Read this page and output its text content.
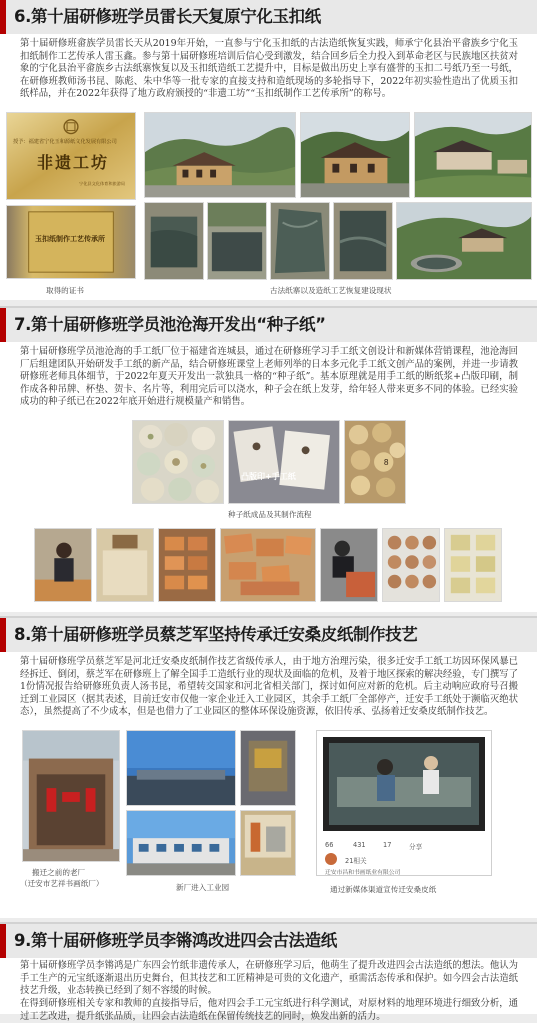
6.第十届研修班学员雷长天复原宁化玉扣纸

第十届研修班畲族学员雷长天从2019年开始，一直参与宁化玉扣纸的古法造纸恢复实践，师承宁化县治平畲族乡宁化玉扣纸制作工艺传承人雷玉鑫。参与第十届研修班培训后信心受到激发，结合回乡后全力投入到革命老区与民族地区扶贫对象的宁化县治平畲族乡古法纸寨恢复以及玉扣纸造纸工艺提升中，目标是做出历史上享有盛誉的玉扣二号纸乃至一号纸，在研修班教师汤书昆、陈彪、朱中华等一批专家的直接支持和造纸现场的多轮指导下，2022年初实验性造出了优质玉扣纸样品，并在2022年获得了地方政府颁授的“非遗工坊”“玉扣纸制作工艺传承所”的称号。

授予：福建省宁化玉和源纸文化发展有限公司
非遗工坊
宁化县文化体育和旅游局
玉扣纸制作工艺传承所
取得的证书	古法纸寨以及造纸工艺恢复建设现状
7.第十届研修班学员池沧海开发出“种子纸”

第十届研修班学员池沧海的手工纸厂位于福建省连城县，通过在研修班学习手工纸文创设计和新媒体营销课程，池沧海回厂后组建团队开始研发手工纸的新产品，结合研修班课堂上老师列举的日本多元化手工纸文创产品的案例，并进一步请教研修班老师具体细节，于2022年夏天开发出一款独具一格的“种子纸”。基本原理就是用手工纸的断纸浆+凸版印刷，制作成各种吊牌、杯垫、贺卡、名片等，利用完后可以浇水，种子会在纸上发芽，给年轻人带来更多不同的体验。已经实验成功的种子纸已在2022年底开始进行规模量产和销售。

凸版印+手工纸
8
种子纸成品及其制作流程
8.第十届研修班学员蔡芝军坚持传承迁安桑皮纸制作技艺

第十届研修班学员蔡芝军是河北迁安桑皮纸制作技艺省级传承人，由于地方治理污染，很多迁安手工纸工坊因环保风暴已经拆迁、倒闭，蔡芝军在研修班上了解全国手工造纸行业的现状及面临的危机，及着于地区探索的解决经验，专门撰写了1份情况报告给研修班负责人汤书昆，希望转交国家和河北省相关部门，探讨如何应对新的危机。后主动响应政府号召搬迁到工业园区（据其表述，目前迁安市仅他一家企业迁入工业园区，其余手工纸厂全部停产，迁安手工纸处于濒临灭绝状态），虽然提高了不少成本，但是也借力了工业园区的整体环保设施资源，依旧传承、弘扬着迁安桑皮纸制作技艺。

搬迁之前的老厂
（迁安市艺祥书画纸厂）	新厂进入工业园
66	431	17	分享
21相关
迁安市昌和书画纸业有限公司
通过新媒体渠道宣传迁安桑皮纸
9.第十届研修班学员李锵鸿改进四会古法造纸

第十届研修班学员李锵鸿是广东四会竹纸非遗传承人，在研修班学习后，他萌生了提升改进四会古法造纸的想法。他认为手工生产的元宝纸逐渐退出历史舞台，但其技艺和工匠精神是可贵的文化遗产，亟需活态传承和保护。如今四会古法造纸技艺升级，业态转换已经到了刻不容缓的时候。

在得到研修班相关专家和教师的直接指导后，他对四会手工元宝纸进行科学测试，对原材料的地理环境进行细致分析，通过工艺改进，提升纸张品质，让四会古法造纸在保留传统技艺的同时，焕发出新的活力。
